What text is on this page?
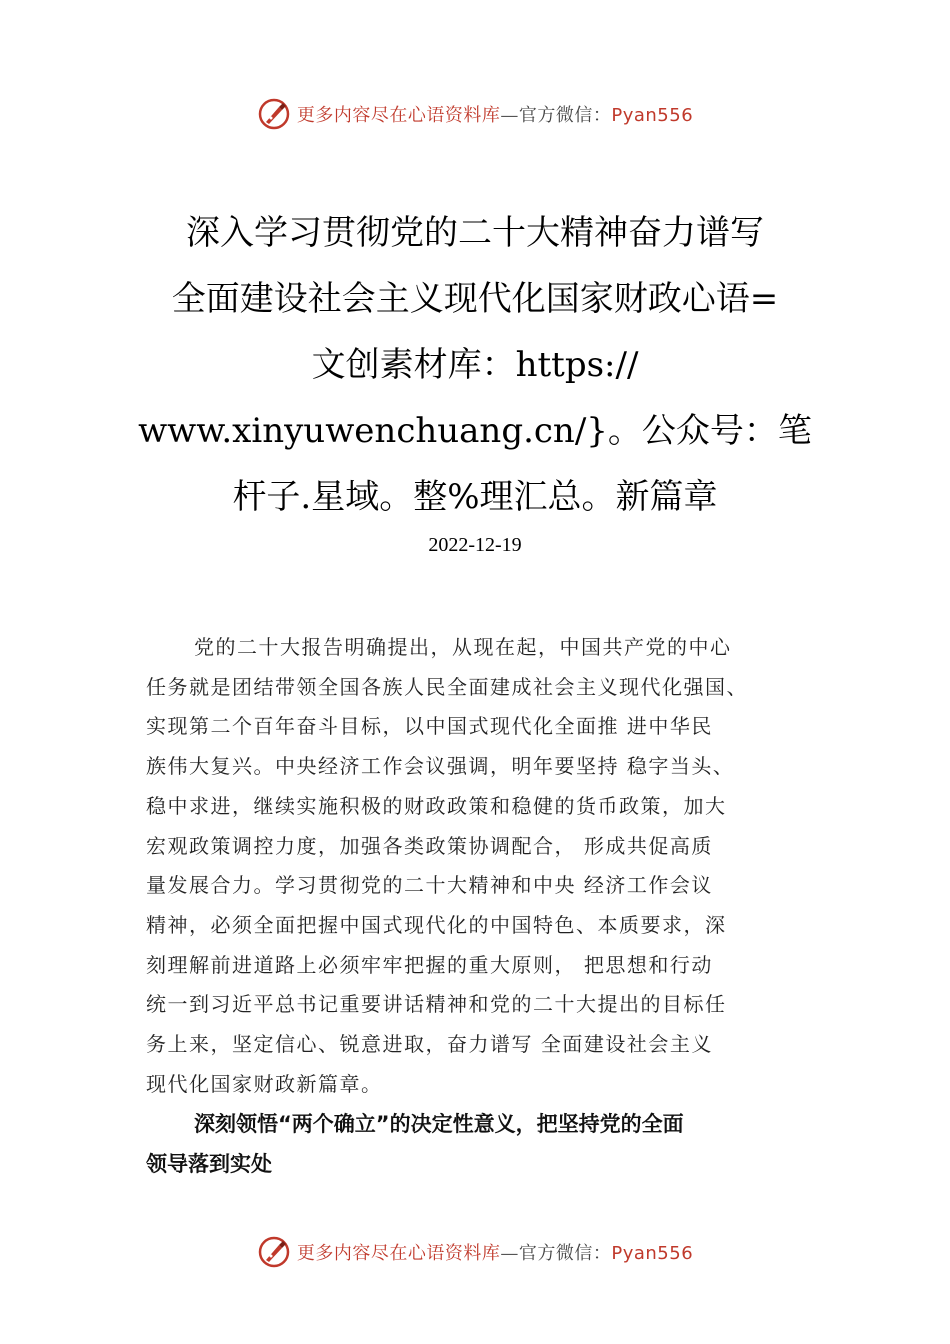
更多内容尽在心语资料库—官方微信：Pyan556
深入学习贯彻党的二十大精神奋力谱写
全面建设社会主义现代化国家财政心语=
文创素材库：https://
www.xinyuwenchuang.cn/}。公众号：笔
杆子.星域。整%理汇总。新篇章
2022-12-19
党的二十大报告明确提出，从现在起，中国共产党的中心
任务就是团结带领全国各族人民全面建成社会主义现代化强国、
实现第二个百年奋斗目标，以中国式现代化全面推 进中华民
族伟大复兴。中央经济工作会议强调，明年要坚持 稳字当头、
稳中求进，继续实施积极的财政政策和稳健的货币政策，加大
宏观政策调控力度，加强各类政策协调配合， 形成共促高质
量发展合力。学习贯彻党的二十大精神和中央 经济工作会议
精神，必须全面把握中国式现代化的中国特色、本质要求，深
刻理解前进道路上必须牢牢把握的重大原则， 把思想和行动
统一到习近平总书记重要讲话精神和党的二十大提出的目标任
务上来，坚定信心、锐意进取，奋力谱写 全面建设社会主义
现代化国家财政新篇章。
深刻领悟“两个确立”的决定性意义，把坚持党的全面
领导落到实处
更多内容尽在心语资料库—官方微信：Pyan556
